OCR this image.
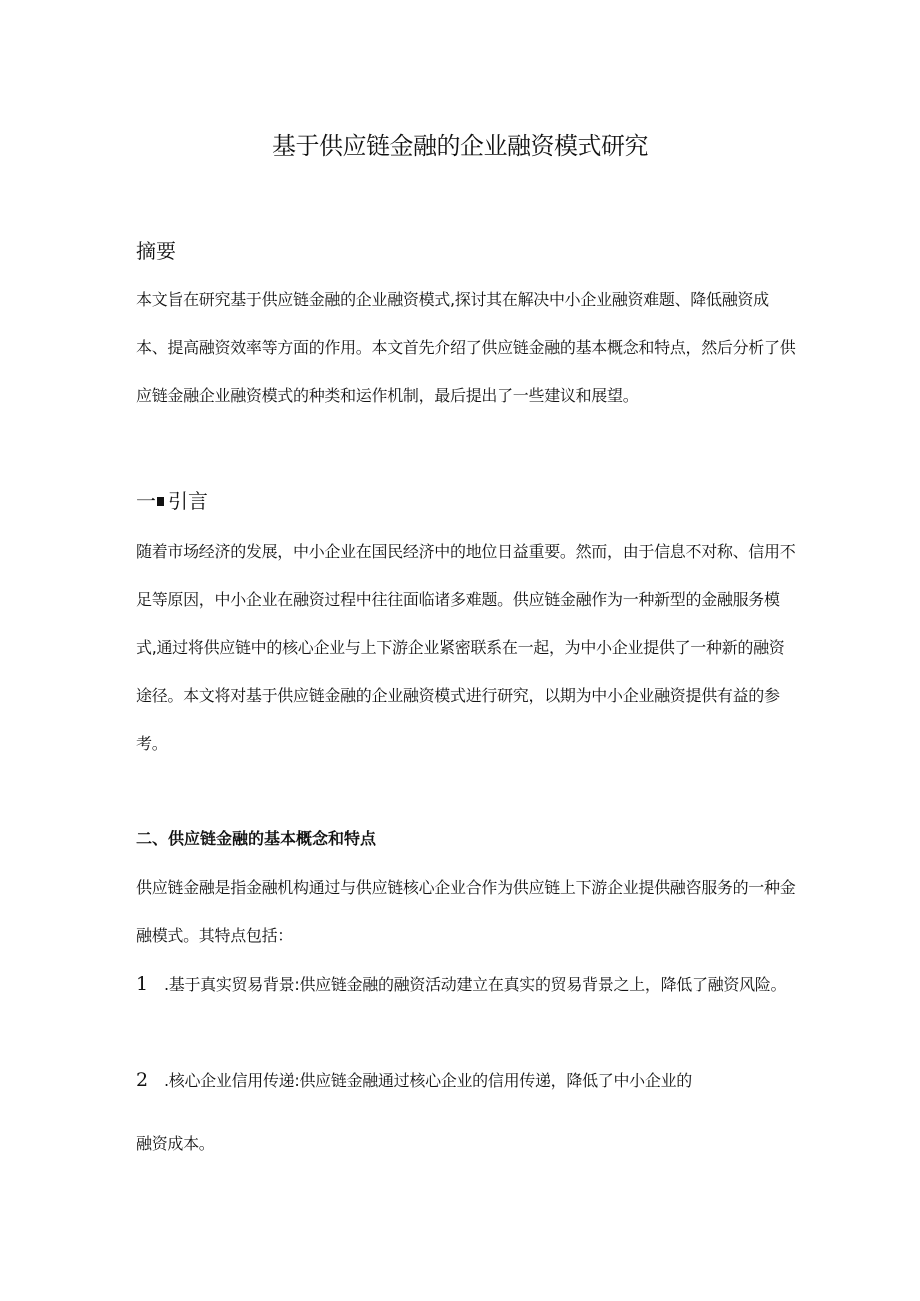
基于供应链金融的企业融资模式研究
摘要

本文旨在研究基于供应链金融的企业融资模式,探讨其在解决中小企业融资难题、降低融资成本、提高融资效率等方面的作用。本文首先介绍了供应链金融的基本概念和特点，然后分析了供应链金融企业融资模式的种类和运作机制，最后提出了一些建议和展望。

一 引言

随着市场经济的发展，中小企业在国民经济中的地位日益重要。然而，由于信息不对称、信用不足等原因，中小企业在融资过程中往往面临诸多难题。供应链金融作为一种新型的金融服务模式,通过将供应链中的核心企业与上下游企业紧密联系在一起，为中小企业提供了一种新的融资途径。本文将对基于供应链金融的企业融资模式进行研究，以期为中小企业融资提供有益的参考。

二、供应链金融的基本概念和特点

供应链金融是指金融机构通过与供应链核心企业合作为供应链上下游企业提供融咨服务的一种金融模式。其特点包括：

1 .基于真实贸易背景:供应链金融的融资活动建立在真实的贸易背景之上，降低了融资风险。

2 .核心企业信用传递:供应链金融通过核心企业的信用传递，降低了中小企业的

融资成本。
